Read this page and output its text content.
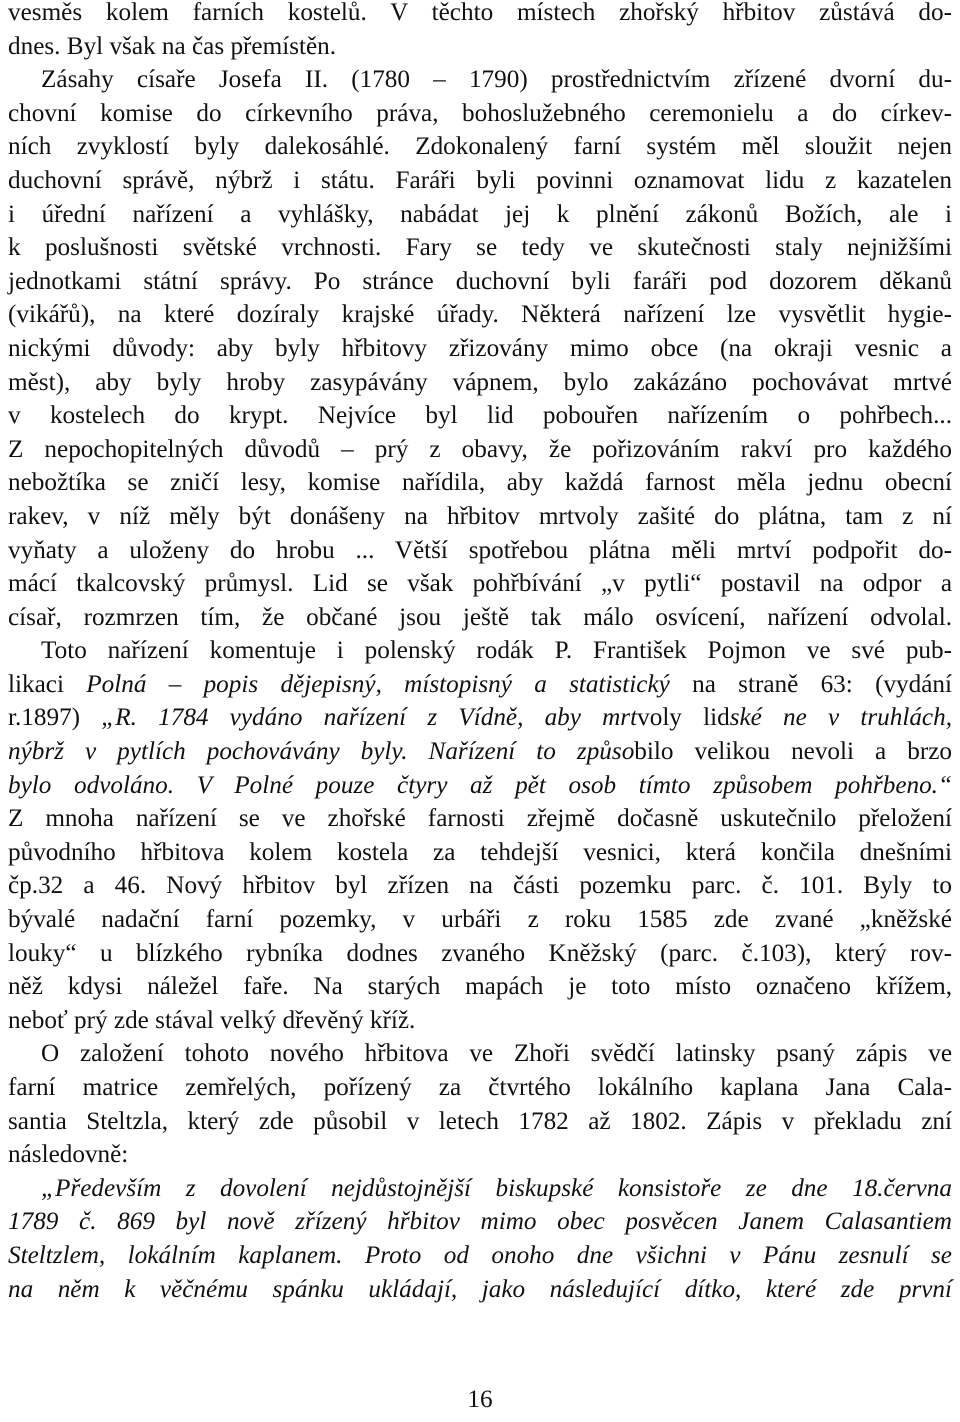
vesměs kolem farních kostelů. V těchto místech zhořský hřbitov zůstává do-
dnes. Byl však na čas přemístěn.
Zásahy císaře Josefa II. (1780 – 1790) prostřednictvím zřízené dvorní du-
chovní komise do církevního práva, bohoslužebného ceremonielu a do církev-
ních zvyklostí byly dalekosáhlé. Zdokonalený farní systém měl sloužit nejen
duchovní správě, nýbrž i státu. Faráři byli povinni oznamovat lidu z kazatelen
i úřední nařízení a vyhlášky, nabádat jej k plnění zákonů Božích, ale i
k poslušnosti světské vrchnosti. Fary se tedy ve skutečnosti staly nejnižšími
jednotkami státní správy. Po stránce duchovní byli faráři pod dozorem děkanů
(vikářů), na které dozíraly krajské úřady. Některá nařízení lze vysvětlit hygie-
nickými důvody: aby byly hřbitovy zřizovány mimo obce (na okraji vesnic a
měst), aby byly hroby zasypávány vápnem, bylo zakázáno pochovávat mrtvé
v kostelech do krypt. Nejvíce byl lid pobouřen nařízením o pohřbech...
Z nepochopitelných důvodů – prý z obavy, že pořizováním rakví pro každého
nebožtíka se zničí lesy, komise nařídila, aby každá farnost měla jednu obecní
rakev, v níž měly být donášeny na hřbitov mrtvoly zašité do plátna, tam z ní
vyňaty a uloženy do hrobu ... Větší spotřebou plátna měli mrtví podpořit do-
mácí tkalcovský průmysl. Lid se však pohřbívání „v pytli“ postavil na odpor a
císař, rozmrzen tím, že občané jsou ještě tak málo osvícení, nařízení odvolal.
Toto nařízení komentuje i polenský rodák P. František Pojmon ve své pub-
likaci Polná – popis dějepisný, místopisný a statistický na straně 63: (vydání
r.1897) „R. 1784 vydáno nařízení z Vídně, aby mrtvoly lidské ne v truhlách,
nýbrž v pytlích pochovávány byly. Nařízení to způsobilo velikou nevoli a brzo
bylo odvoláno. V Polné pouze čtyry až pět osob tímto způsobem pohřbeno.“
Z mnoha nařízení se ve zhořské farnosti zřejmě dočasně uskutečnilo přeložení
původního hřbitova kolem kostela za tehdejší vesnici, která končila dnešními
čp.32 a 46. Nový hřbitov byl zřízen na části pozemku parc. č. 101. Byly to
bývalé nadační farní pozemky, v urbáři z roku 1585 zde zvané „kněžské
louky“ u blízkého rybníka dodnes zvaného Kněžský (parc. č.103), který rov-
něž kdysi náležel faře. Na starých mapách je toto místo označeno křížem,
neboť prý zde stával velký dřevěný kříž.
O založení tohoto nového hřbitova ve Zhoři svědčí latinsky psaný zápis ve
farní matrice zemřelých, pořízený za čtvrtého lokálního kaplana Jana Cala-
santia Steltzla, který zde působil v letech 1782 až 1802. Zápis v překladu zní
následovně:
„Především z dovolení nejdůstojnější biskupské konsistoře ze dne 18.června
1789 č. 869 byl nově zřízený hřbitov mimo obec posvěcen Janem Calasantiem
Steltzlem, lokálním kaplanem. Proto od onoho dne všichni v Pánu zesnulí se
na něm k věčnému spánku ukládají, jako následující dítko, které zde první
16
